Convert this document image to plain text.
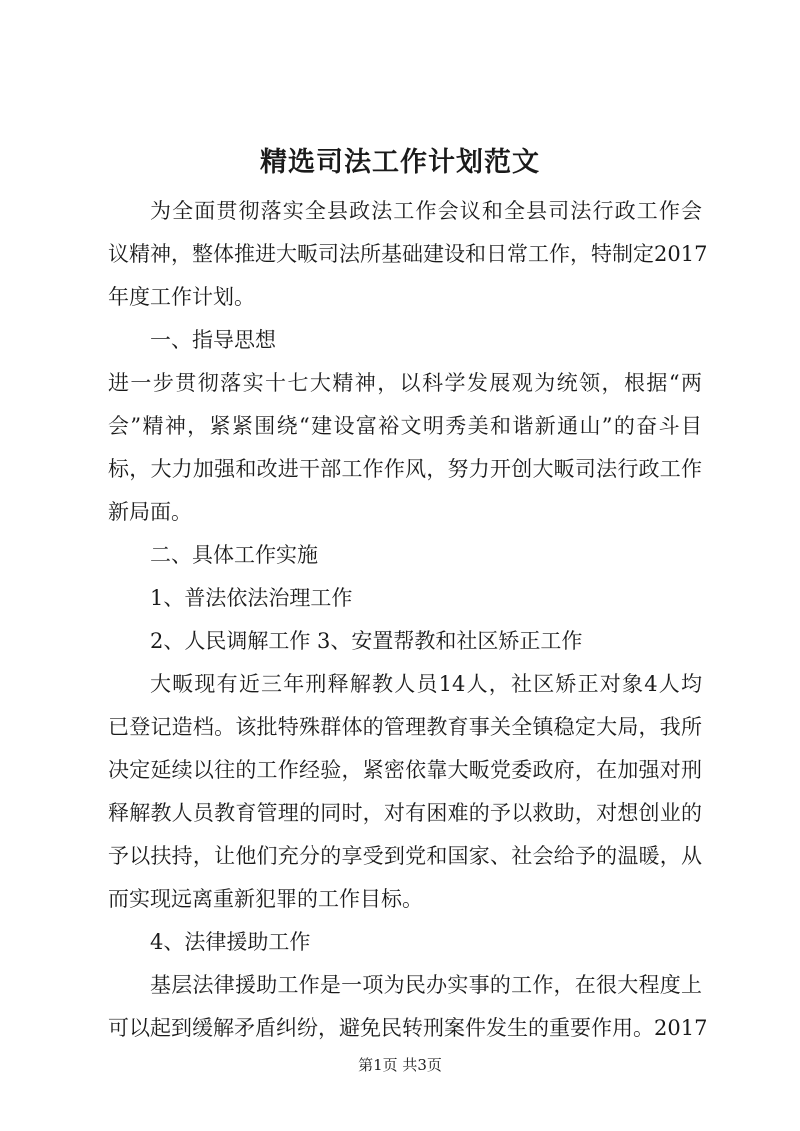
精选司法工作计划范文
为全面贯彻落实全县政法工作会议和全县司法行政工作会
议精神，整体推进大畈司法所基础建设和日常工作，特制定2017
年度工作计划。
一、指导思想
进一步贯彻落实十七大精神，以科学发展观为统领，根据“两
会”精神，紧紧围绕“建设富裕文明秀美和谐新通山”的奋斗目
标，大力加强和改进干部工作作风，努力开创大畈司法行政工作
新局面。
二、具体工作实施
1、普法依法治理工作
2、人民调解工作 3、安置帮教和社区矫正工作
大畈现有近三年刑释解教人员14人，社区矫正对象4人均
已登记造档。该批特殊群体的管理教育事关全镇稳定大局，我所
决定延续以往的工作经验，紧密依靠大畈党委政府，在加强对刑
释解教人员教育管理的同时，对有困难的予以救助，对想创业的
予以扶持，让他们充分的享受到党和国家、社会给予的温暖，从
而实现远离重新犯罪的工作目标。
4、法律援助工作
基层法律援助工作是一项为民办实事的工作，在很大程度上
可以起到缓解矛盾纠纷，避免民转刑案件发生的重要作用。2017
第1页 共3页
